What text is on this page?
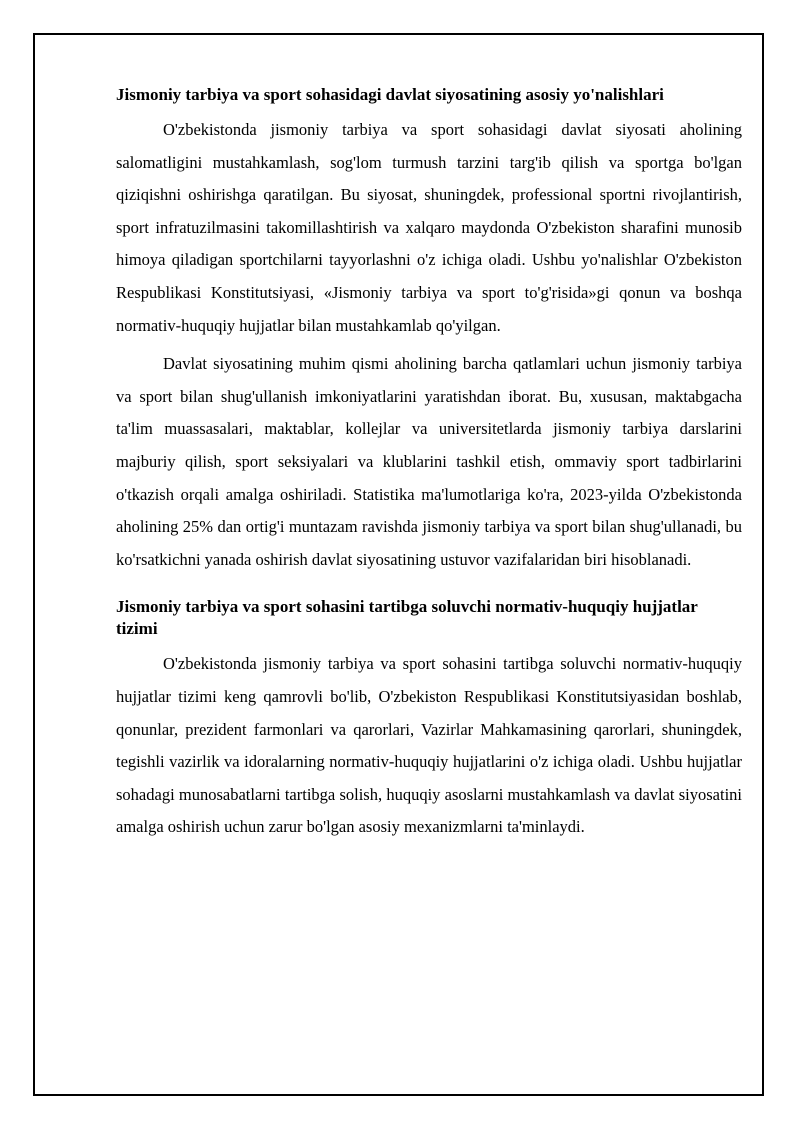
Jismoniy tarbiya va sport sohasidagi davlat siyosatining asosiy yo'nalishlari

O'zbekistonda jismoniy tarbiya va sport sohasidagi davlat siyosati aholining salomatligini mustahkamlash, sog'lom turmush tarzini targ'ib qilish va sportga bo'lgan qiziqishni oshirishga qaratilgan. Bu siyosat, shuningdek, professional sportni rivojlantirish, sport infratuzilmasini takomillashtirish va xalqaro maydonda O'zbekiston sharafini munosib himoya qiladigan sportchilarni tayyorlashni o'z ichiga oladi. Ushbu yo'nalishlar O'zbekiston Respublikasi Konstitutsiyasi, «Jismoniy tarbiya va sport to'g'risida»gi qonun va boshqa normativ-huquqiy hujjatlar bilan mustahkamlab qo'yilgan.

Davlat siyosatining muhim qismi aholining barcha qatlamlari uchun jismoniy tarbiya va sport bilan shug'ullanish imkoniyatlarini yaratishdan iborat. Bu, xususan, maktabgacha ta'lim muassasalari, maktablar, kollejlar va universitetlarda jismoniy tarbiya darslarini majburiy qilish, sport seksiyalari va klublarini tashkil etish, ommaviy sport tadbirlarini o'tkazish orqali amalga oshiriladi. Statistika ma'lumotlariga ko'ra, 2023-yilda O'zbekistonda aholining 25% dan ortig'i muntazam ravishda jismoniy tarbiya va sport bilan shug'ullanadi, bu ko'rsatkichni yanada oshirish davlat siyosatining ustuvor vazifalaridan biri hisoblanadi.

Jismoniy tarbiya va sport sohasini tartibga soluvchi normativ-huquqiy hujjatlar tizimi

O'zbekistonda jismoniy tarbiya va sport sohasini tartibga soluvchi normativ-huquqiy hujjatlar tizimi keng qamrovli bo'lib, O'zbekiston Respublikasi Konstitutsiyasidan boshlab, qonunlar, prezident farmonlari va qarorlari, Vazirlar Mahkamasining qarorlari, shuningdek, tegishli vazirlik va idoralarning normativ-huquqiy hujjatlarini o'z ichiga oladi. Ushbu hujjatlar sohadagi munosabatlarni tartibga solish, huquqiy asoslarni mustahkamlash va davlat siyosatini amalga oshirish uchun zarur bo'lgan asosiy mexanizmlarni ta'minlaydi.
